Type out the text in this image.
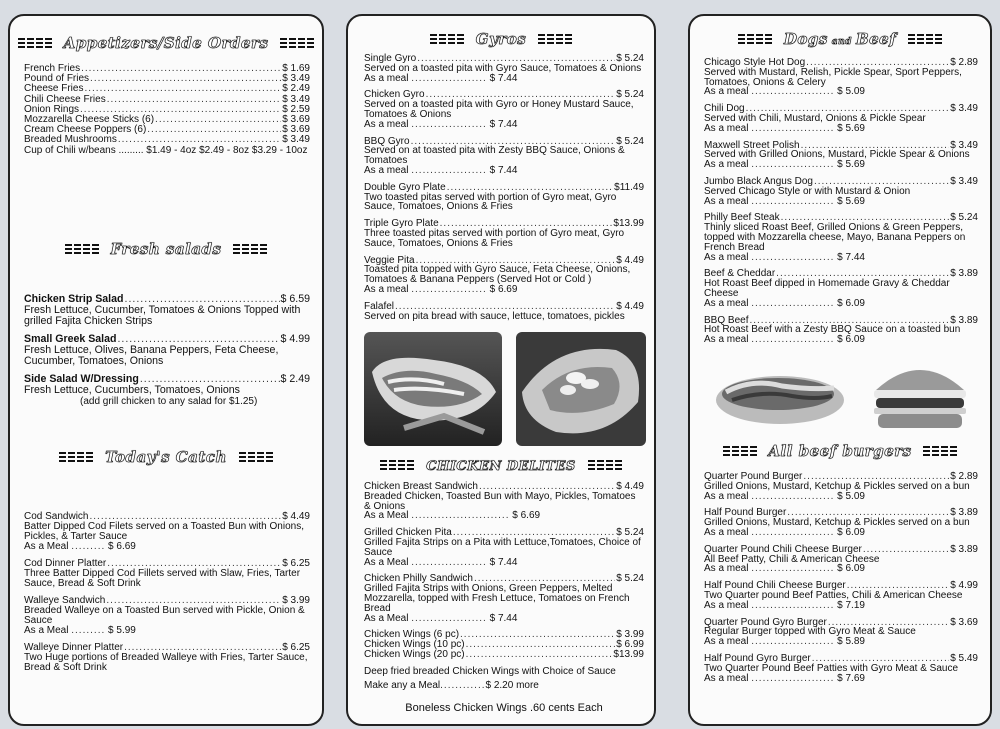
Appetizers/Side Orders
French Fries .....	$ 1.69
Pound of Fries .....	$ 3.49
Cheese Fries .....	$ 2.49
Chili Cheese Fries .....	$ 3.49
Onion Rings .....	$ 2.59
Mozzarella Cheese Sticks (6) .....	$ 3.69
Cream Cheese Poppers (6) .....	$ 3.69
Breaded Mushrooms .....	$ 3.49
Cup of Chili w/beans ......... $1.49 - 4oz $2.49 - 8oz $3.29 - 10oz
Fresh salads
Chicken Strip Salad .....	$ 6.59
Fresh Lettuce, Cucumber, Tomatoes & Onions Topped with grilled Fajita Chicken Strips
Small Greek Salad .....	$ 4.99
Fresh Lettuce, Olives, Banana Peppers, Feta Cheese, Cucumber, Tomatoes, Onions
Side Salad W/Dressing .....	$ 2.49
Fresh Lettuce, Cucumbers, Tomatoes, Onions
(add grill chicken to any salad for $1.25)
Today's Catch
Cod Sandwich .....	$ 4.49
Batter Dipped Cod Filets served on a Toasted Bun with Onions, Pickles, & Tarter Sauce
As a Meal ......... $ 6.69
Cod Dinner Platter .....	$ 6.25
Three Batter Dipped Cod Fillets served with Slaw, Fries, Tarter Sauce, Bread & Soft Drink
Walleye Sandwich .....	$ 3.99
Breaded Walleye on a Toasted Bun served with Pickle, Onion & Sauce
As a Meal ......... $ 5.99
Walleye Dinner Platter .....	$ 6.25
Two Huge portions of Breaded Walleye with Fries, Tarter Sauce, Bread & Soft Drink
Gyros
Single Gyro .....	$ 5.24
Served on a toasted pita with Gyro Sauce, Tomatoes & Onions
As a meal .................... $ 7.44
Chicken Gyro .....	$ 5.24
Served on a toasted pita with Gyro or Honey Mustard Sauce, Tomatoes & Onions
As a meal .................... $ 7.44
BBQ Gyro .....	$ 5.24
Served on at toasted pita with Zesty BBQ Sauce, Onions & Tomatoes
As a meal .................... $ 7.44
Double Gyro Plate .....	$11.49
Two toasted pitas served with portion of Gyro meat, Gyro Sauce, Tomatoes, Onions & Fries
Triple Gyro Plate .....	$13.99
Three toasted pitas served with portion of Gyro meat, Gyro Sauce, Tomatoes, Onions & Fries
Veggie Pita .....	$ 4.49
Toasted pita topped with Gyro Sauce, Feta Cheese, Onions, Tomatoes & Banana Peppers (Served Hot or Cold )
As a meal .................... $ 6.69
Falafel .....	$ 4.49
Served on pita bread with sauce, lettuce, tomatoes, pickles
CHICKEN DELITES
Chicken Breast Sandwich .....	$ 4.49
Breaded Chicken, Toasted Bun with Mayo, Pickles, Tomatoes & Onions
As a Meal .......................... $ 6.69
Grilled Chicken Pita .....	$ 5.24
Grilled Fajita Strips on a Pita with Lettuce,Tomatoes, Choice of Sauce
As a Meal .................... $ 7.44
Chicken Philly Sandwich .....	$ 5.24
Grilled Fajita Strips with Onions, Green Peppers, Melted Mozzarella, topped with Fresh Lettuce, Tomatoes on French Bread
As a Meal .................... $ 7.44
Chicken Wings (6 pc) .....	$ 3.99
Chicken Wings (10 pc) .....	$ 6.99
Chicken Wings (20 pc) .....	$13.99
Deep fried breaded Chicken Wings with Choice of Sauce
Make any a Meal............$ 2.20 more
Boneless Chicken Wings .60 cents Each
Dogs and Beef
Chicago Style Hot Dog .....	$ 2.89
Served with Mustard, Relish, Pickle Spear, Sport Peppers, Tomatoes, Onions & Celery
As a meal ...................... $ 5.09
Chili Dog .....	$ 3.49
Served with Chili, Mustard, Onions & Pickle Spear
As a meal ...................... $ 5.69
Maxwell Street Polish .....	$ 3.49
Served with Grilled Onions, Mustard, Pickle Spear & Onions
As a meal ...................... $ 5.69
Jumbo Black Angus Dog .....	$ 3.49
Served Chicago Style or with Mustard & Onion
As a meal ...................... $ 5.69
Philly Beef Steak .....	$ 5.24
Thinly sliced Roast Beef, Grilled Onions & Green Peppers, topped with Mozzarella cheese, Mayo, Banana Peppers on French Bread
As a meal ...................... $ 7.44
Beef & Cheddar .....	$ 3.89
Hot Roast Beef dipped in Homemade Gravy & Cheddar Cheese
As a meal ...................... $ 6.09
BBQ Beef .....	$ 3.89
Hot Roast Beef with a Zesty BBQ Sauce on a toasted bun
As a meal ...................... $ 6.09
All beef burgers
Quarter Pound Burger .....	$ 2.89
Grilled Onions, Mustard, Ketchup & Pickles served on a bun
As a meal ...................... $ 5.09
Half Pound Burger .....	$ 3.89
Grilled Onions, Mustard, Ketchup & Pickles served on a bun
As a meal ...................... $ 6.09
Quarter Pound Chili Cheese Burger .....	$ 3.89
All Beef Patty, Chili & American Cheese
As a meal ...................... $ 6.09
Half Pound Chili Cheese Burger .....	$ 4.99
Two Quarter pound Beef Patties, Chili & American Cheese
As a meal ...................... $ 7.19
Quarter Pound Gyro Burger .....	$ 3.69
Regular Burger topped with Gyro Meat & Sauce
As a meal ...................... $ 5.89
Half Pound Gyro Burger .....	$ 5.49
Two Quarter Pound Beef Patties with Gyro Meat & Sauce
As a meal ...................... $ 7.69
